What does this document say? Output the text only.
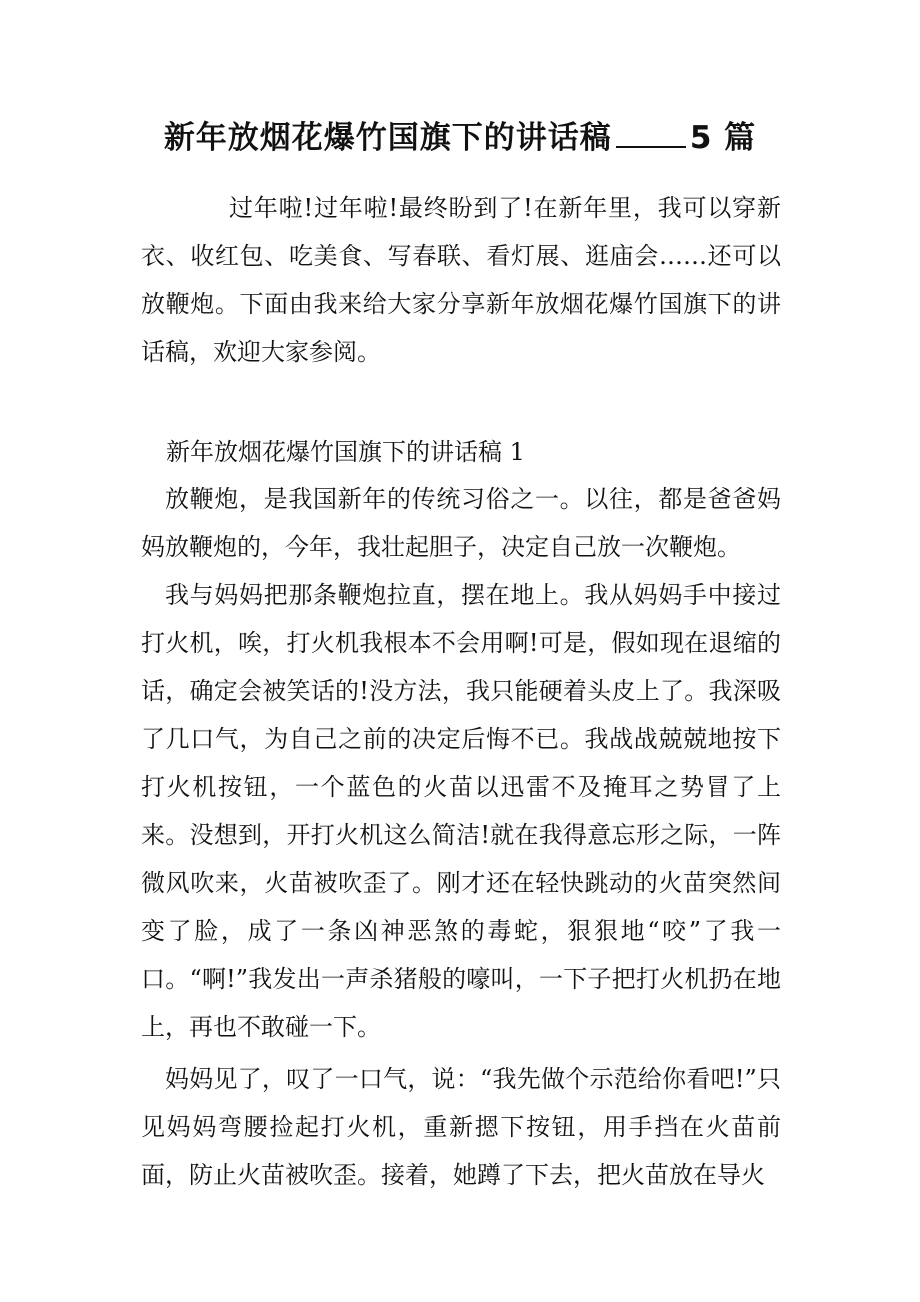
新年放烟花爆竹国旗下的讲话稿	5 篇

过年啦!过年啦!最终盼到了!在新年里，我可以穿新衣、收红包、吃美食、写春联、看灯展、逛庙会……还可以放鞭炮。下面由我来给大家分享新年放烟花爆竹国旗下的讲话稿，欢迎大家参阅。

新年放烟花爆竹国旗下的讲话稿 1

放鞭炮，是我国新年的传统习俗之一。以往，都是爸爸妈妈放鞭炮的，今年，我壮起胆子，决定自己放一次鞭炮。

我与妈妈把那条鞭炮拉直，摆在地上。我从妈妈手中接过打火机，唉，打火机我根本不会用啊!可是，假如现在退缩的话，确定会被笑话的!没方法，我只能硬着头皮上了。我深吸了几口气，为自己之前的决定后悔不已。我战战兢兢地按下打火机按钮，一个蓝色的火苗以迅雷不及掩耳之势冒了上来。没想到，开打火机这么简洁!就在我得意忘形之际，一阵微风吹来，火苗被吹歪了。刚才还在轻快跳动的火苗突然间变了脸，成了一条凶神恶煞的毒蛇，狠狠地“咬”了我一口。“啊!”我发出一声杀猪般的嚎叫，一下子把打火机扔在地上，再也不敢碰一下。

妈妈见了，叹了一口气，说：“我先做个示范给你看吧!”只见妈妈弯腰捡起打火机，重新摁下按钮，用手挡在火苗前面，防止火苗被吹歪。接着，她蹲了下去，把火苗放在导火
